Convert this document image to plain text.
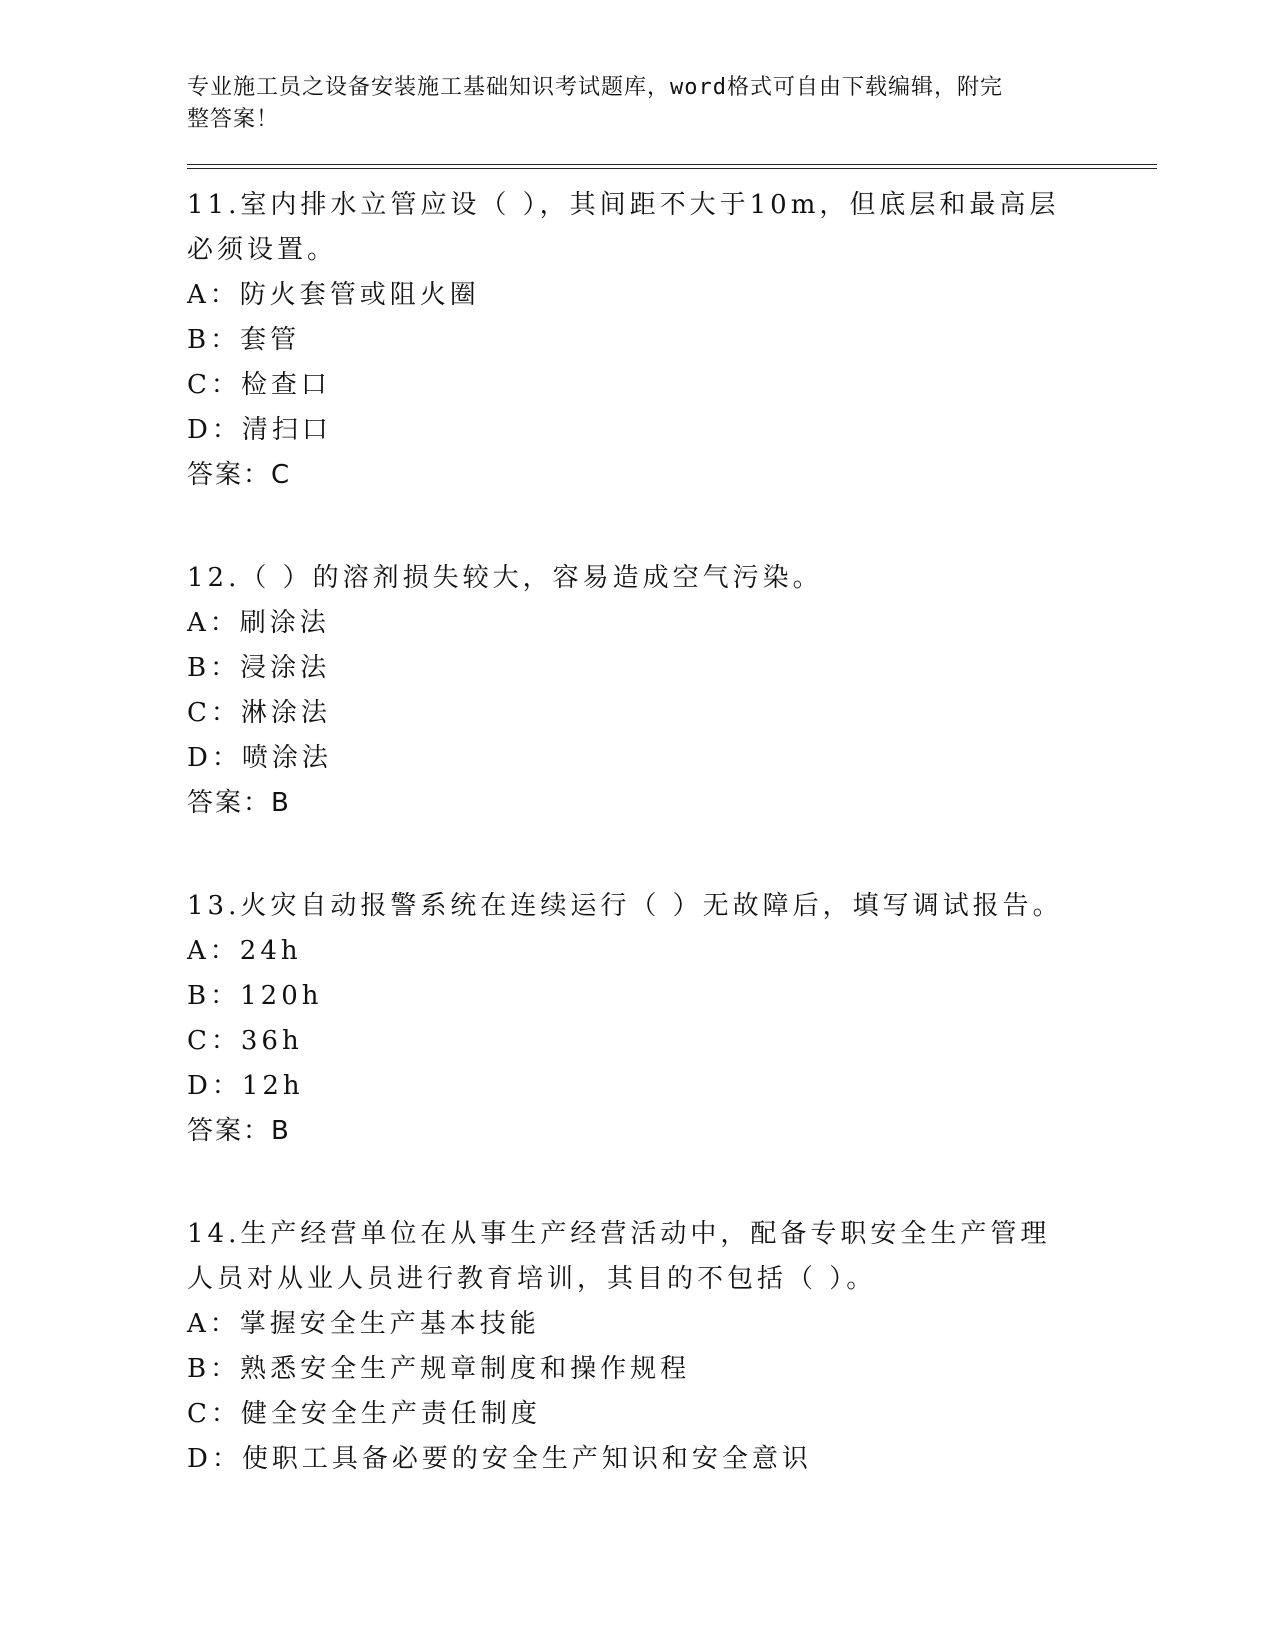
专业施工员之设备安装施工基础知识考试题库，word格式可自由下载编辑，附完
整答案！
11.室内排水立管应设（ ），其间距不大于10m，但底层和最高层必须设置。
A：防火套管或阻火圈
B：套管
C：检查口
D：清扫口
答案：C
12.（ ）的溶剂损失较大，容易造成空气污染。
A：刷涂法
B：浸涂法
C：淋涂法
D：喷涂法
答案：B
13.火灾自动报警系统在连续运行（ ）无故障后，填写调试报告。
A：24h
B：120h
C：36h
D：12h
答案：B
14.生产经营单位在从事生产经营活动中，配备专职安全生产管理人员对从业人员进行教育培训，其目的不包括（ ）。
A：掌握安全生产基本技能
B：熟悉安全生产规章制度和操作规程
C：健全安全生产责任制度
D：使职工具备必要的安全生产知识和安全意识
